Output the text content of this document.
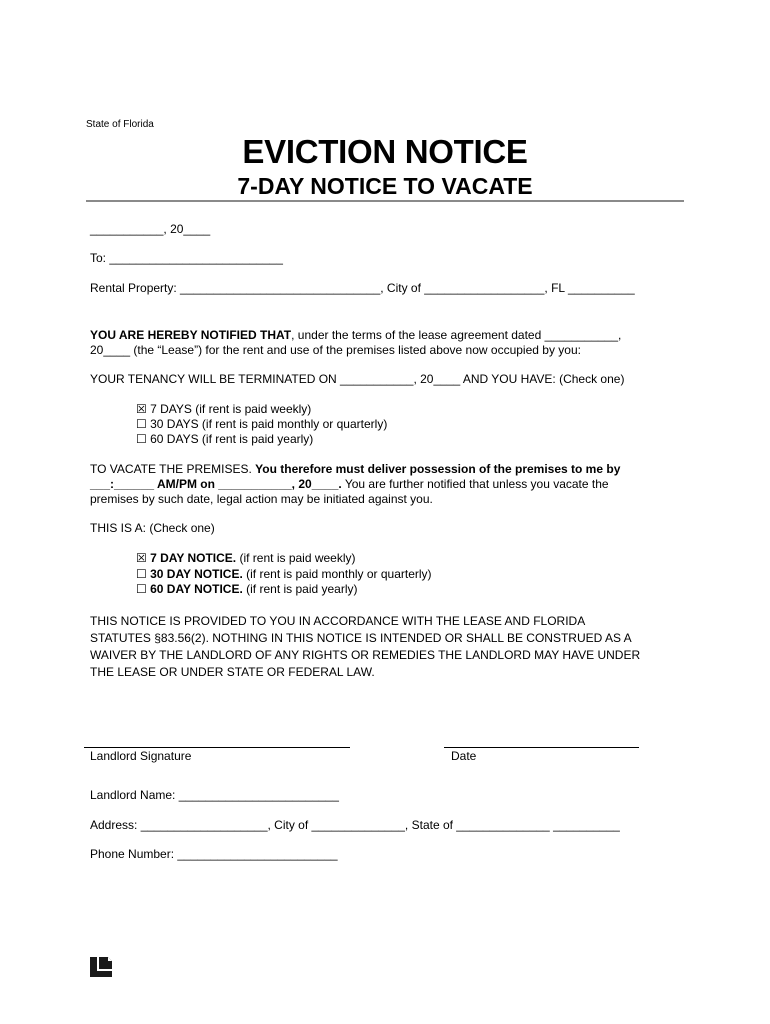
State of Florida
EVICTION NOTICE
7-DAY NOTICE TO VACATE
___________, 20____
To: __________________________
Rental Property: ______________________________, City of __________________, FL __________
YOU ARE HEREBY NOTIFIED THAT, under the terms of the lease agreement dated ___________,
20____ (the “Lease”) for the rent and use of the premises listed above now occupied by you:
YOUR TENANCY WILL BE TERMINATED ON ___________, 20____ AND YOU HAVE: (Check one)
☒ 7 DAYS (if rent is paid weekly)
☐ 30 DAYS (if rent is paid monthly or quarterly)
☐ 60 DAYS (if rent is paid yearly)
TO VACATE THE PREMISES. You therefore must deliver possession of the premises to me by
___:______ AM/PM on ___________, 20____. You are further notified that unless you vacate the
premises by such date, legal action may be initiated against you.
THIS IS A: (Check one)
☒ 7 DAY NOTICE. (if rent is paid weekly)
☐ 30 DAY NOTICE. (if rent is paid monthly or quarterly)
☐ 60 DAY NOTICE. (if rent is paid yearly)
THIS NOTICE IS PROVIDED TO YOU IN ACCORDANCE WITH THE LEASE AND FLORIDA
STATUTES §83.56(2). NOTHING IN THIS NOTICE IS INTENDED OR SHALL BE CONSTRUED AS A
WAIVER BY THE LANDLORD OF ANY RIGHTS OR REMEDIES THE LANDLORD MAY HAVE UNDER
THE LEASE OR UNDER STATE OR FEDERAL LAW.
Landlord Signature	Date
Landlord Name: ________________________
Address: ___________________, City of ______________, State of ______________ __________
Phone Number: ________________________
